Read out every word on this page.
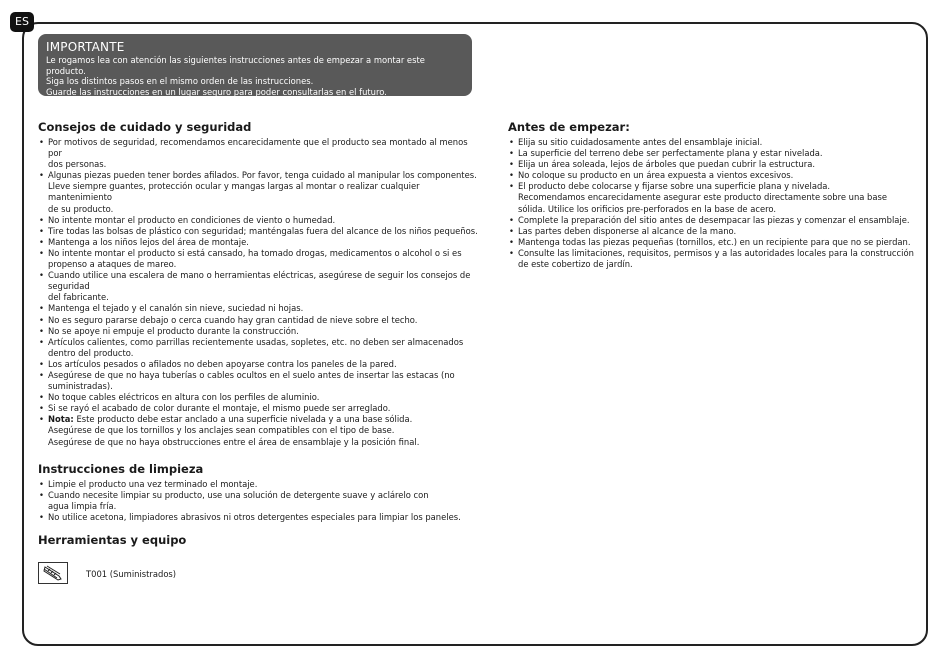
ES
IMPORTANTE
Le rogamos lea con atención las siguientes instrucciones antes de empezar a montar este producto.
Siga los distintos pasos en el mismo orden de las instrucciones.
Guarde las instrucciones en un lugar seguro para poder consultarlas en el futuro.
Consejos de cuidado y seguridad
• Por motivos de seguridad, recomendamos encarecidamente que el producto sea montado al menos por
dos personas.
• Algunas piezas pueden tener bordes afilados. Por favor, tenga cuidado al manipular los componentes.
Lleve siempre guantes, protección ocular y mangas largas al montar o realizar cualquier mantenimiento
de su producto.
• No intente montar el producto en condiciones de viento o humedad.
• Tire todas las bolsas de plástico con seguridad; manténgalas fuera del alcance de los niños pequeños.
• Mantenga a los niños lejos del área de montaje.
• No intente montar el producto si está cansado, ha tomado drogas, medicamentos o alcohol o si es
propenso a ataques de mareo.
• Cuando utilice una escalera de mano o herramientas eléctricas, asegúrese de seguir los consejos de
seguridad
del fabricante.
• Mantenga el tejado y el canalón sin nieve, suciedad ni hojas.
• No es seguro pararse debajo o cerca cuando hay gran cantidad de nieve sobre el techo.
• No se apoye ni empuje el producto durante la construcción.
• Artículos calientes, como parrillas recientemente usadas, sopletes, etc. no deben ser almacenados
dentro del producto.
• Los artículos pesados o afilados no deben apoyarse contra los paneles de la pared.
• Asegúrese de que no haya tuberías o cables ocultos en el suelo antes de insertar las estacas (no
suministradas).
• No toque cables eléctricos en altura con los perfiles de aluminio.
• Si se rayó el acabado de color durante el montaje, el mismo puede ser arreglado.
• Nota: Este producto debe estar anclado a una superficie nivelada y a una base sólida.
Asegúrese de que los tornillos y los anclajes sean compatibles con el tipo de base.
Asegúrese de que no haya obstrucciones entre el área de ensamblaje y la posición final.
Instrucciones de limpieza
• Limpie el producto una vez terminado el montaje.
• Cuando necesite limpiar su producto, use una solución de detergente suave y aclárelo con
agua limpia fría.
• No utilice acetona, limpiadores abrasivos ni otros detergentes especiales para limpiar los paneles.
Herramientas y equipo
T001 (Suministrados)
Antes de empezar:
• Elija su sitio cuidadosamente antes del ensamblaje inicial.
• La superficie del terreno debe ser perfectamente plana y estar nivelada.
• Elija un área soleada, lejos de árboles que puedan cubrir la estructura.
• No coloque su producto en un área expuesta a vientos excesivos.
• El producto debe colocarse y fijarse sobre una superficie plana y nivelada.
Recomendamos encarecidamente asegurar este producto directamente sobre una base
sólida. Utilice los orificios pre-perforados en la base de acero.
• Complete la preparación del sitio antes de desempacar las piezas y comenzar el ensamblaje.
• Las partes deben disponerse al alcance de la mano.
• Mantenga todas las piezas pequeñas (tornillos, etc.) en un recipiente para que no se pierdan.
• Consulte las limitaciones, requisitos, permisos y a las autoridades locales para la construcción
de este cobertizo de jardín.
